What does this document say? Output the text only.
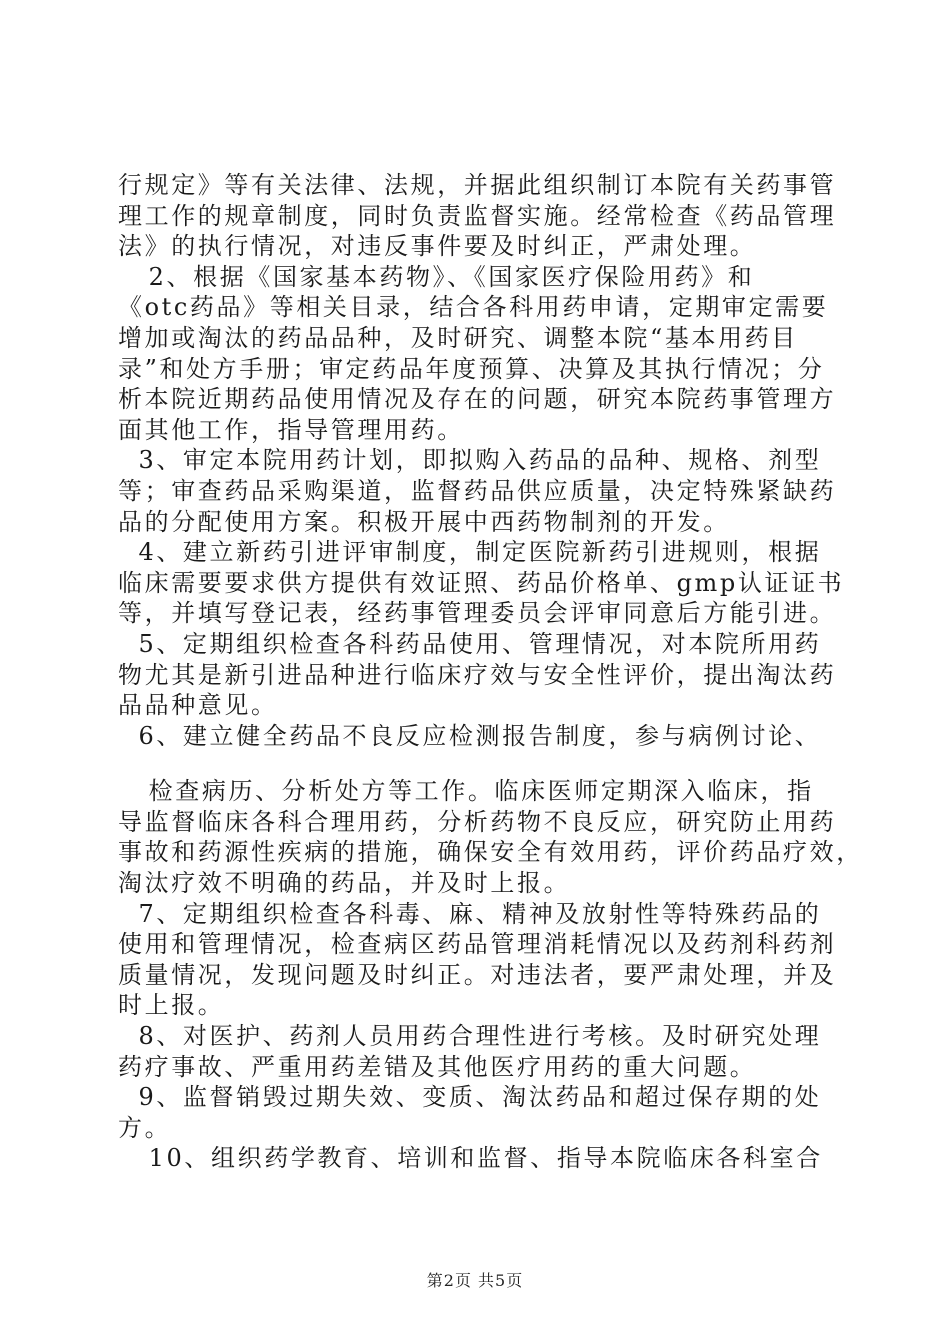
行规定》等有关法律、法规，并据此组织制订本院有关药事管
理工作的规章制度，同时负责监督实施。经常检查《药品管理
法》的执行情况，对违反事件要及时纠正，严肃处理。
2、根据《国家基本药物》、《国家医疗保险用药》和
《otc药品》等相关目录，结合各科用药申请，定期审定需要
增加或淘汰的药品品种，及时研究、调整本院“基本用药目
录”和处方手册；审定药品年度预算、决算及其执行情况；分
析本院近期药品使用情况及存在的问题，研究本院药事管理方
面其他工作，指导管理用药。
3、审定本院用药计划，即拟购入药品的品种、规格、剂型
等；审查药品采购渠道，监督药品供应质量，决定特殊紧缺药
品的分配使用方案。积极开展中西药物制剂的开发。
4、建立新药引进评审制度，制定医院新药引进规则，根据
临床需要要求供方提供有效证照、药品价格单、gmp认证证书
等，并填写登记表，经药事管理委员会评审同意后方能引进。
5、定期组织检查各科药品使用、管理情况，对本院所用药
物尤其是新引进品种进行临床疗效与安全性评价，提出淘汰药
品品种意见。
6、建立健全药品不良反应检测报告制度，参与病例讨论、
检查病历、分析处方等工作。临床医师定期深入临床，指
导监督临床各科合理用药，分析药物不良反应，研究防止用药
事故和药源性疾病的措施，确保安全有效用药，评价药品疗效，
淘汰疗效不明确的药品，并及时上报。
7、定期组织检查各科毒、麻、精神及放射性等特殊药品的
使用和管理情况，检查病区药品管理消耗情况以及药剂科药剂
质量情况，发现问题及时纠正。对违法者，要严肃处理，并及
时上报。
8、对医护、药剂人员用药合理性进行考核。及时研究处理
药疗事故、严重用药差错及其他医疗用药的重大问题。
9、监督销毁过期失效、变质、淘汰药品和超过保存期的处
方。
10、组织药学教育、培训和监督、指导本院临床各科室合
第2页 共5页
